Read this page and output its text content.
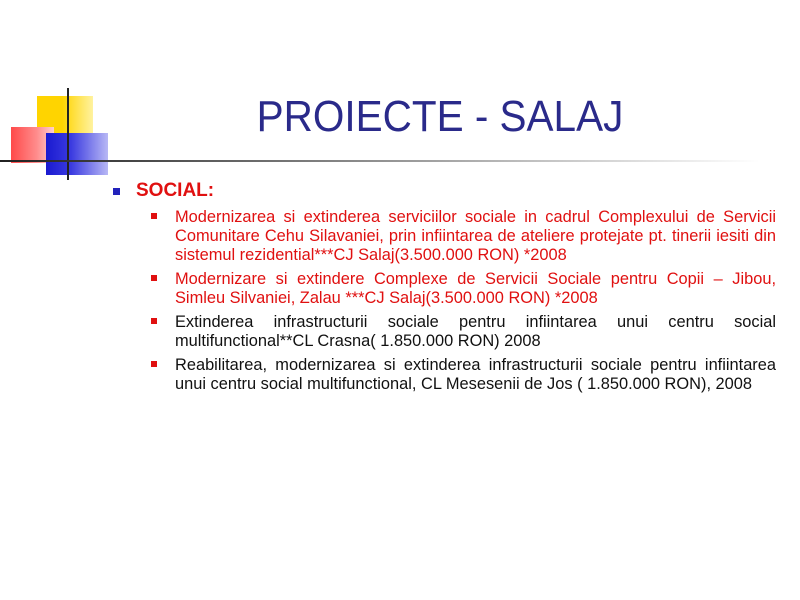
PROIECTE - SALAJ
SOCIAL:
Modernizarea si extinderea serviciilor sociale in cadrul Complexului de Servicii Comunitare Cehu Silavaniei, prin infiintarea de ateliere protejate pt. tinerii iesiti din sistemul rezidential***CJ Salaj(3.500.000 RON) *2008
Modernizare si extindere Complexe de Servicii Sociale pentru Copii – Jibou, Simleu Silvaniei, Zalau ***CJ Salaj(3.500.000 RON) *2008
Extinderea infrastructurii sociale pentru infiintarea unui centru social multifunctional**CL Crasna( 1.850.000 RON) 2008
Reabilitarea, modernizarea si extinderea infrastructurii sociale pentru infiintarea unui centru social multifunctional, CL Mesesenii de Jos ( 1.850.000 RON), 2008
